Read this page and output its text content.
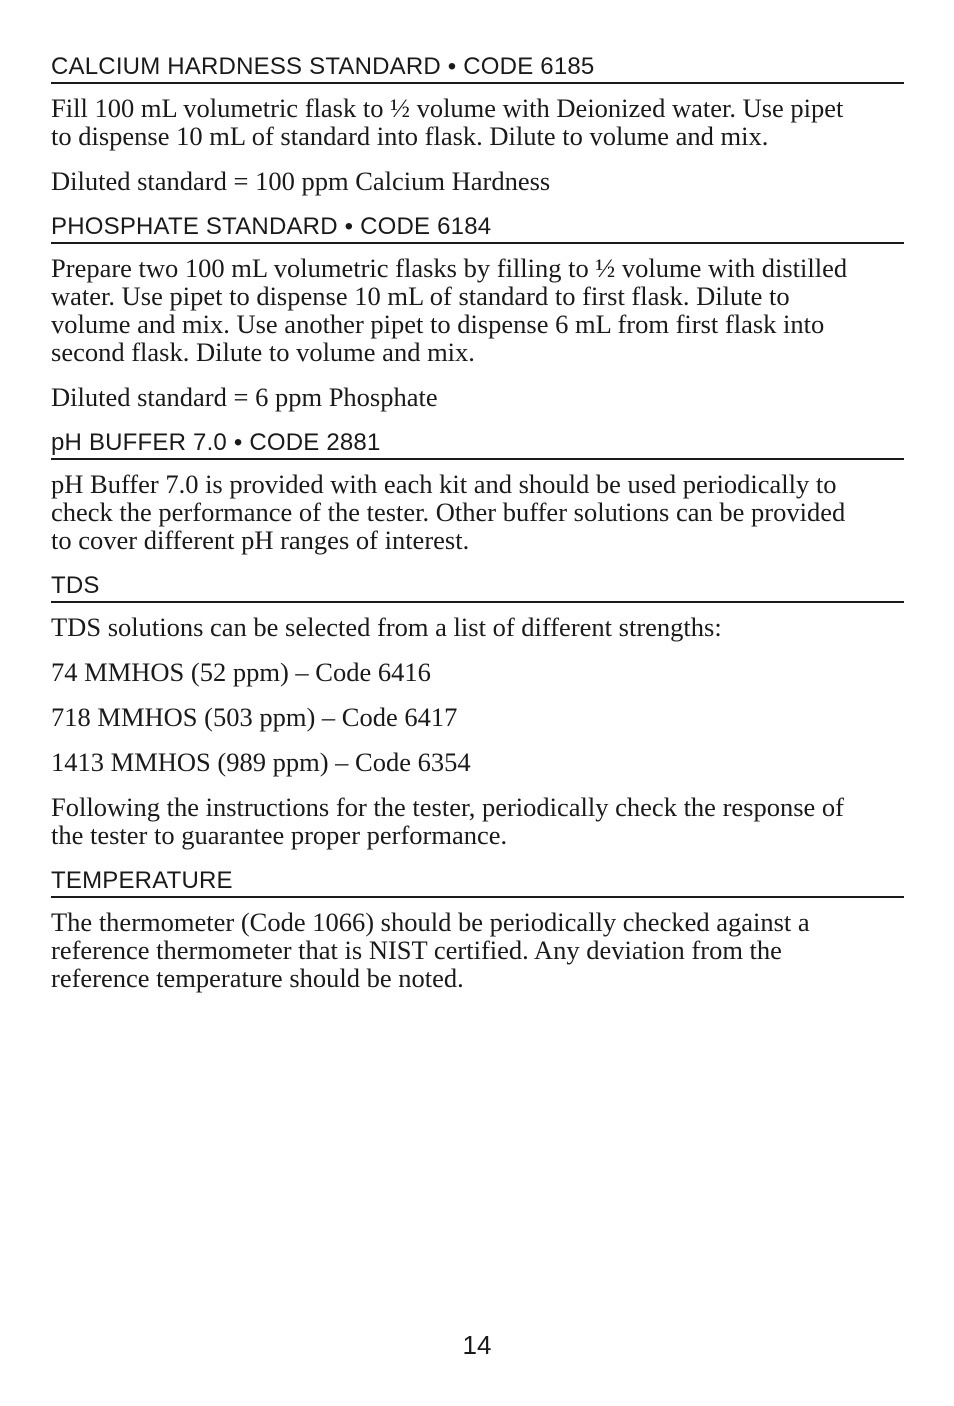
CALCIUM HARDNESS STANDARD • CODE 6185

Fill 100 mL volumetric flask to ½ volume with Deionized water. Use pipet
to dispense 10 mL of standard into flask. Dilute to volume and mix.

Diluted standard = 100 ppm Calcium Hardness

PHOSPHATE STANDARD • CODE 6184

Prepare two 100 mL volumetric flasks by filling to ½ volume with distilled
water. Use pipet to dispense 10 mL of standard to first flask. Dilute to
volume and mix. Use another pipet to dispense 6 mL from first flask into
second flask. Dilute to volume and mix.

Diluted standard = 6 ppm Phosphate

pH BUFFER 7.0 • CODE 2881

pH Buffer 7.0 is provided with each kit and should be used periodically to
check the performance of the tester. Other buffer solutions can be provided
to cover different pH ranges of interest.

TDS

TDS solutions can be selected from a list of different strengths:

74 MMHOS (52 ppm) – Code 6416

718 MMHOS (503 ppm) – Code 6417

1413 MMHOS (989 ppm) – Code 6354

Following the instructions for the tester, periodically check the response of
the tester to guarantee proper performance.

TEMPERATURE

The thermometer (Code 1066) should be periodically checked against a
reference thermometer that is NIST certified. Any deviation from the
reference temperature should be noted.

14
